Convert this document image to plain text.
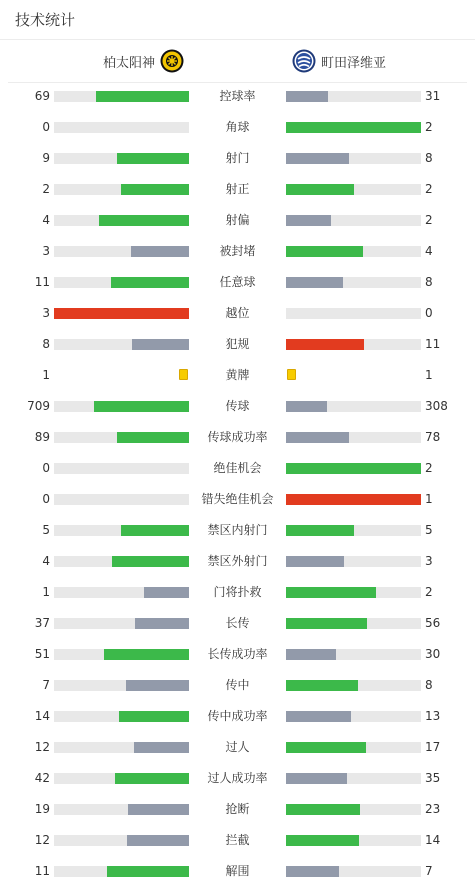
技术统计
柏太阳神	町田泽维亚
69	控球率	31
0	角球	2
9	射门	8
2	射正	2
4	射偏	2
3	被封堵	4
11	任意球	8
3	越位	0
8	犯规	11
1	黄牌	1
709	传球	308
89	传球成功率	78
0	绝佳机会	2
0	错失绝佳机会	1
5	禁区内射门	5
4	禁区外射门	3
1	门将扑救	2
37	长传	56
51	长传成功率	30
7	传中	8
14	传中成功率	13
12	过人	17
42	过人成功率	35
19	抢断	23
12	拦截	14
11	解围	7
